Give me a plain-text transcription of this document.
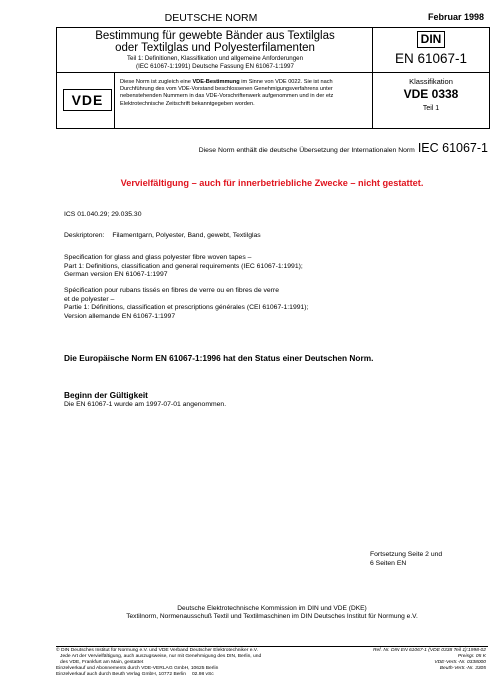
DEUTSCHE NORM	Februar 1998
Bestimmung für gewebte Bänder aus Textilglas
oder Textilglas und Polyesterfilamenten
Teil 1: Definitionen, Klassifikation und allgemeine Anforderungen
(IEC 61067-1:1991) Deutsche Fassung EN 61067-1:1997
DIN
EN 61067-1
VDE

Diese Norm ist zugleich eine VDE-Bestimmung im Sinne von VDE 0022. Sie ist nach Durchführung des vom VDE-Vorstand beschlossenen Genehmigungsverfahrens unter nebenstehenden Nummern in das VDE-Vorschriftenwerk aufgenommen und in der etz Elektrotechnische Zeitschrift bekanntgegeben worden.

Klassifikation
VDE 0338
Teil 1
Diese Norm enthält die deutsche Übersetzung der Internationalen Norm IEC 61067-1
Vervielfältigung – auch für innerbetriebliche Zwecke – nicht gestattet.
ICS 01.040.29; 29.035.30
Deskriptoren: Filamentgarn, Polyester, Band, gewebt, Textilglas
Specification for glass and glass polyester fibre woven tapes –
Part 1: Definitions, classification and general requirements (IEC 61067-1:1991);
German version EN 61067-1:1997
Spécification pour rubans tissés en fibres de verre ou en fibres de verre
et de polyester –
Partie 1: Définitions, classification et prescriptions générales (CEI 61067-1:1991);
Version allemande EN 61067-1:1997
Die Europäische Norm EN 61067-1:1996 hat den Status einer Deutschen Norm.
Beginn der Gültigkeit
Die EN 61067-1 wurde am 1997-07-01 angenommen.
Fortsetzung Seite 2 und
6 Seiten EN
Deutsche Elektrotechnische Kommission im DIN und VDE (DKE)
Textilnorm, Normenausschuß Textil und Textilmaschinen im DIN Deutsches Institut für Normung e.V.
© DIN Deutsches Institut für Normung e.V. und VDE Verband Deutscher Elektrotechniker e.V.
Jede Art der Vervielfältigung, auch auszugsweise, nur mit Genehmigung des DIN, Berlin, und
des VDE, Frankfurt am Main, gestattet
Einzelverkauf und Abonnements durch VDE-VERLAG GmbH, 10625 Berlin
Einzelverkauf auch durch Beuth Verlag GmbH, 10772 Berlin 02.98 vSc
Ref. Nr. DIN EN 61067-1 (VDE 0338 Teil 1):1998-02
Preisgr. 05 K
VDE-Vertr.-Nr. 0338000
Beuth-Vertr.-Nr. 3305
